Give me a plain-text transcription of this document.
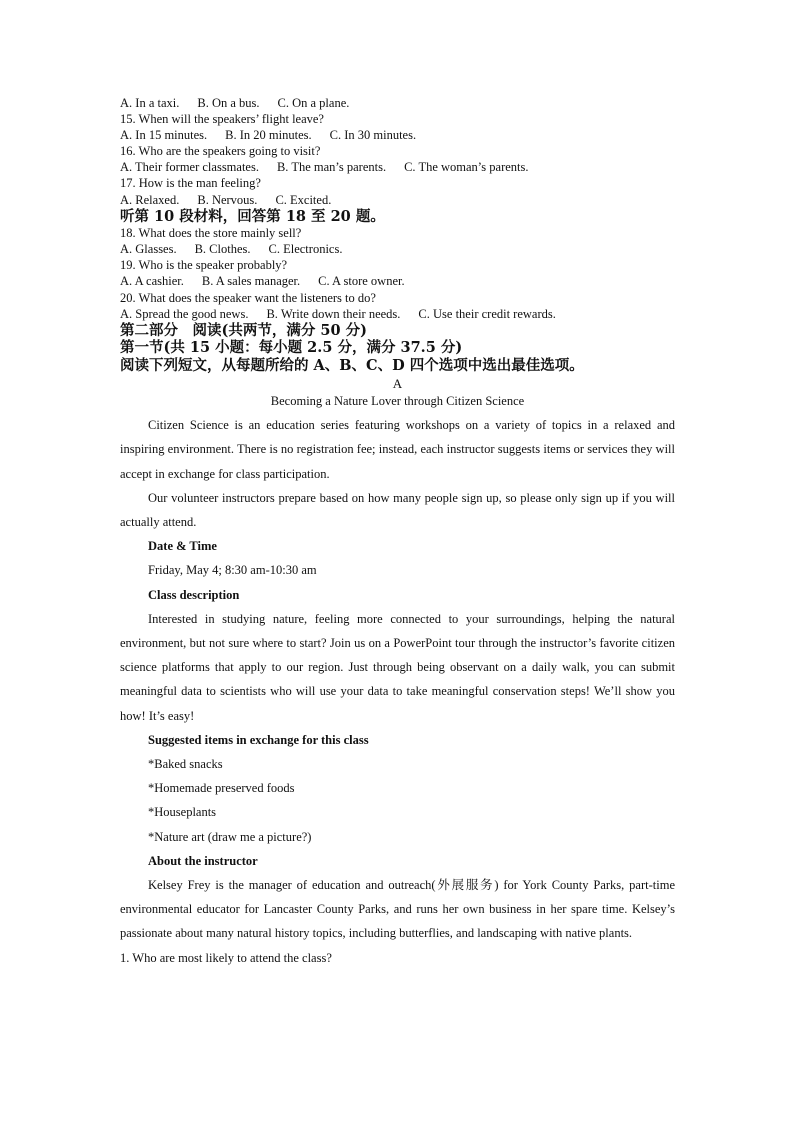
A. In a taxi. B. On a bus. C. On a plane.
15. When will the speakers’ flight leave?
A. In 15 minutes. B. In 20 minutes. C. In 30 minutes.
16. Who are the speakers going to visit?
A. Their former classmates. B. The man’s parents. C. The woman’s parents.
17. How is the man feeling?
A. Relaxed. B. Nervous. C. Excited.
听第 10 段材料，回答第 18 至 20 题。
18. What does the store mainly sell?
A. Glasses. B. Clothes. C. Electronics.
19. Who is the speaker probably?
A. A cashier. B. A sales manager. C. A store owner.
20. What does the speaker want the listeners to do?
A. Spread the good news. B. Write down their needs. C. Use their credit rewards.
第二部分　阅读(共两节，满分 50 分)
第一节(共 15 小题：每小题 2.5 分，满分 37.5 分)
阅读下列短文，从每题所给的 A、B、C、D 四个选项中选出最佳选项。
A
Becoming a Nature Lover through Citizen Science
Citizen Science is an education series featuring workshops on a variety of topics in a relaxed and inspiring environment. There is no registration fee; instead, each instructor suggests items or services they will accept in exchange for class participation.
Our volunteer instructors prepare based on how many people sign up, so please only sign up if you will actually attend.
Date & Time
Friday, May 4; 8:30 am-10:30 am
Class description
Interested in studying nature, feeling more connected to your surroundings, helping the natural environment, but not sure where to start? Join us on a PowerPoint tour through the instructor’s favorite citizen science platforms that apply to our region. Just through being observant on a daily walk, you can submit meaningful data to scientists who will use your data to take meaningful conservation steps! We’ll show you how! It’s easy!
Suggested items in exchange for this class
*Baked snacks
*Homemade preserved foods
*Houseplants
*Nature art (draw me a picture?)
About the instructor
Kelsey Frey is the manager of education and outreach(外展服务) for York County Parks, part-time environmental educator for Lancaster County Parks, and runs her own business in her spare time. Kelsey’s passionate about many natural history topics, including butterflies, and landscaping with native plants.
1. Who are most likely to attend the class?
